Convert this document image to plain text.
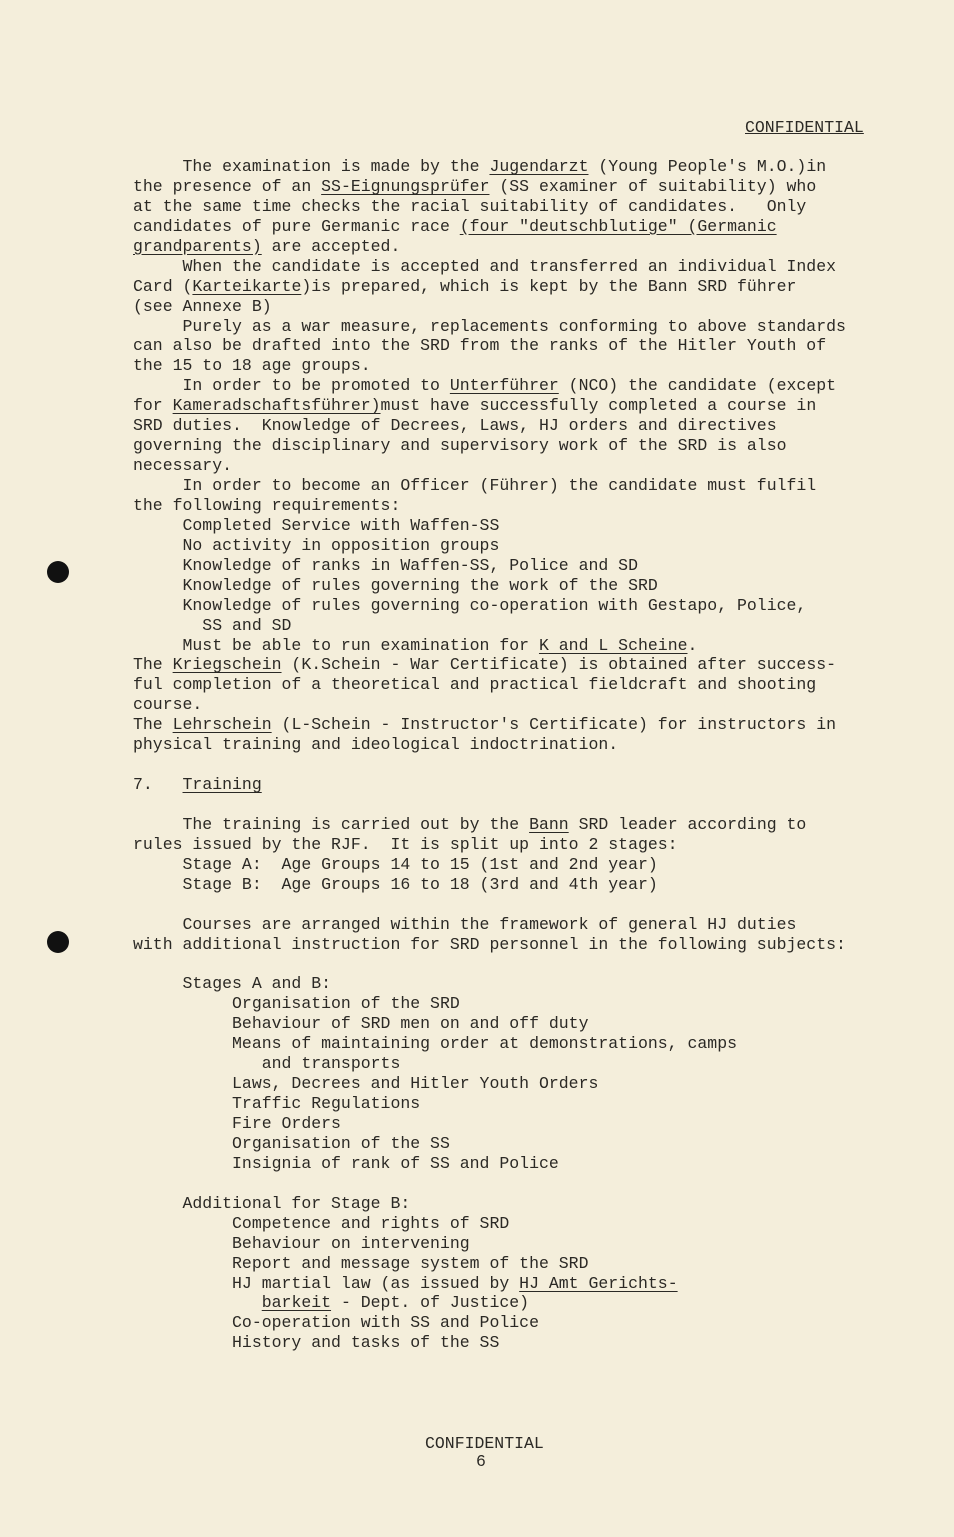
CONFIDENTIAL
The examination is made by the Jugendarzt (Young People's M.O.)in
the presence of an SS-Eignungsprüfer (SS examiner of suitability) who
at the same time checks the racial suitability of candidates.   Only
candidates of pure Germanic race (four "deutschblutige" (Germanic
grandparents) are accepted.
When the candidate is accepted and transferred an individual Index
Card (Karteikarte)is prepared, which is kept by the Bann SRD führer
(see Annexe B)
Purely as a war measure, replacements conforming to above standards
can also be drafted into the SRD from the ranks of the Hitler Youth of
the 15 to 18 age groups.
In order to be promoted to Unterführer (NCO) the candidate (except
for Kameradschaftsführer)must have successfully completed a course in
SRD duties.  Knowledge of Decrees, Laws, HJ orders and directives
governing the disciplinary and supervisory work of the SRD is also
necessary.
In order to become an Officer (Führer) the candidate must fulfil
the following requirements:
Completed Service with Waffen-SS
No activity in opposition groups
Knowledge of ranks in Waffen-SS, Police and SD
Knowledge of rules governing the work of the SRD
Knowledge of rules governing co-operation with Gestapo, Police,
SS and SD
Must be able to run examination for K and L Scheine.
The Kriegschein (K.Schein - War Certificate) is obtained after success-
ful completion of a theoretical and practical fieldcraft and shooting
course.
The Lehrschein (L-Schein - Instructor's Certificate) for instructors in
physical training and ideological indoctrination.
7.   Training
The training is carried out by the Bann SRD leader according to
rules issued by the RJF.  It is split up into 2 stages:
Stage A:  Age Groups 14 to 15 (1st and 2nd year)
Stage B:  Age Groups 16 to 18 (3rd and 4th year)
Courses are arranged within the framework of general HJ duties
with additional instruction for SRD personnel in the following subjects:
Stages A and B:
Organisation of the SRD
Behaviour of SRD men on and off duty
Means of maintaining order at demonstrations, camps
and transports
Laws, Decrees and Hitler Youth Orders
Traffic Regulations
Fire Orders
Organisation of the SS
Insignia of rank of SS and Police
Additional for Stage B:
Competence and rights of SRD
Behaviour on intervening
Report and message system of the SRD
HJ martial law (as issued by HJ Amt Gerichts-
barkeit - Dept. of Justice)
Co-operation with SS and Police
History and tasks of the SS
CONFIDENTIAL
6
